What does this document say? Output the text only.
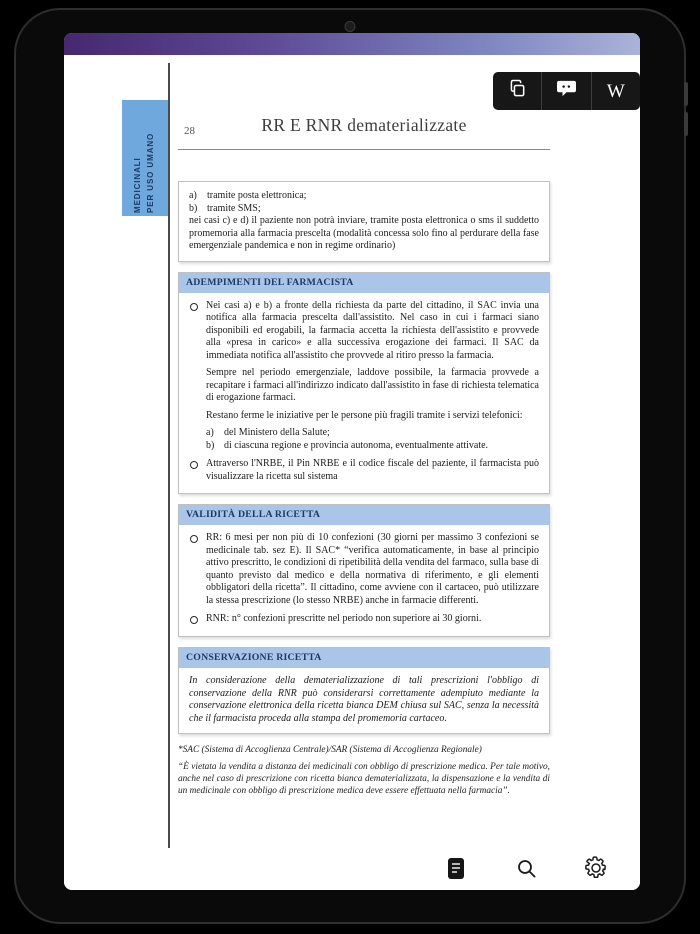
W
MEDICINALI PER USO UMANO
28	RR E RNR dematerializzate
a)	tramite posta elettronica;
b) tramite SMS;
nei casi c) e d) il paziente non potrà inviare, tramite posta elettronica o sms il suddetto promemoria alla farmacia prescelta (modalità concessa solo fino al perdurare della fase emergenziale pandemica e non in regime ordinario)
ADEMPIMENTI DEL FARMACISTA

Nei casi a) e b) a fronte della richiesta da parte del cittadino, il SAC invia una notifica alla farmacia prescelta dall'assistito. Nel caso in cui i farmaci siano disponibili ed erogabili, la farmacia accetta la richiesta dell'assistito e provvede alla «presa in carico» e alla successiva erogazione dei farmaci. Il SAC da immediata notifica all'assistito che provvede al ritiro presso la farmacia.

Sempre nel periodo emergenziale, laddove possibile, la farmacia provvede a recapitare i farmaci all'indirizzo indicato dall'assistito in fase di richiesta telematica di erogazione farmaci.

Restano ferme le iniziative per le persone più fragili tramite i servizi telefonici:

a)	del Ministero della Salute;
b) di ciascuna regione e provincia autonoma, eventualmente attivate.

Attraverso l'NRBE, il Pin NRBE e il codice fiscale del paziente, il farmacista può visualizzare la ricetta sul sistema

VALIDITÀ DELLA RICETTA

RR: 6 mesi per non più di 10 confezioni (30 giorni per massimo 3 confezioni se medicinale tab. sez E). Il SAC* “verifica automaticamente, in base al principio attivo prescritto, le condizioni di ripetibilità della vendita del farmaco, sulla base di quanto previsto dal medico e della normativa di riferimento, e gli elementi obbligatori della ricetta”. Il cittadino, come avviene con il cartaceo, può utilizzare la stessa prescrizione (lo stesso NRBE) anche in farmacie differenti.

RNR: n° confezioni prescritte nel periodo non superiore ai 30 giorni.

CONSERVAZIONE RICETTA
In considerazione della dematerializzazione di tali prescrizioni l'obbligo di conservazione della RNR può considerarsi correttamente adempiuto mediante la conservazione elettronica della ricetta bianca DEM chiusa sul SAC, senza la necessità che il farmacista proceda alla stampa del promemoria cartaceo.
*SAC (Sistema di Accoglienza Centrale)/SAR (Sistema di Accoglienza Regionale)
“È vietata la vendita a distanza dei medicinali con obbligo di prescrizione medica. Per tale motivo, anche nel caso di prescrizione con ricetta bianca dematerializzata, la dispensazione e la vendita di un medicinale con obbligo di prescrizione medica deve essere effettuata nella farmacia”.
